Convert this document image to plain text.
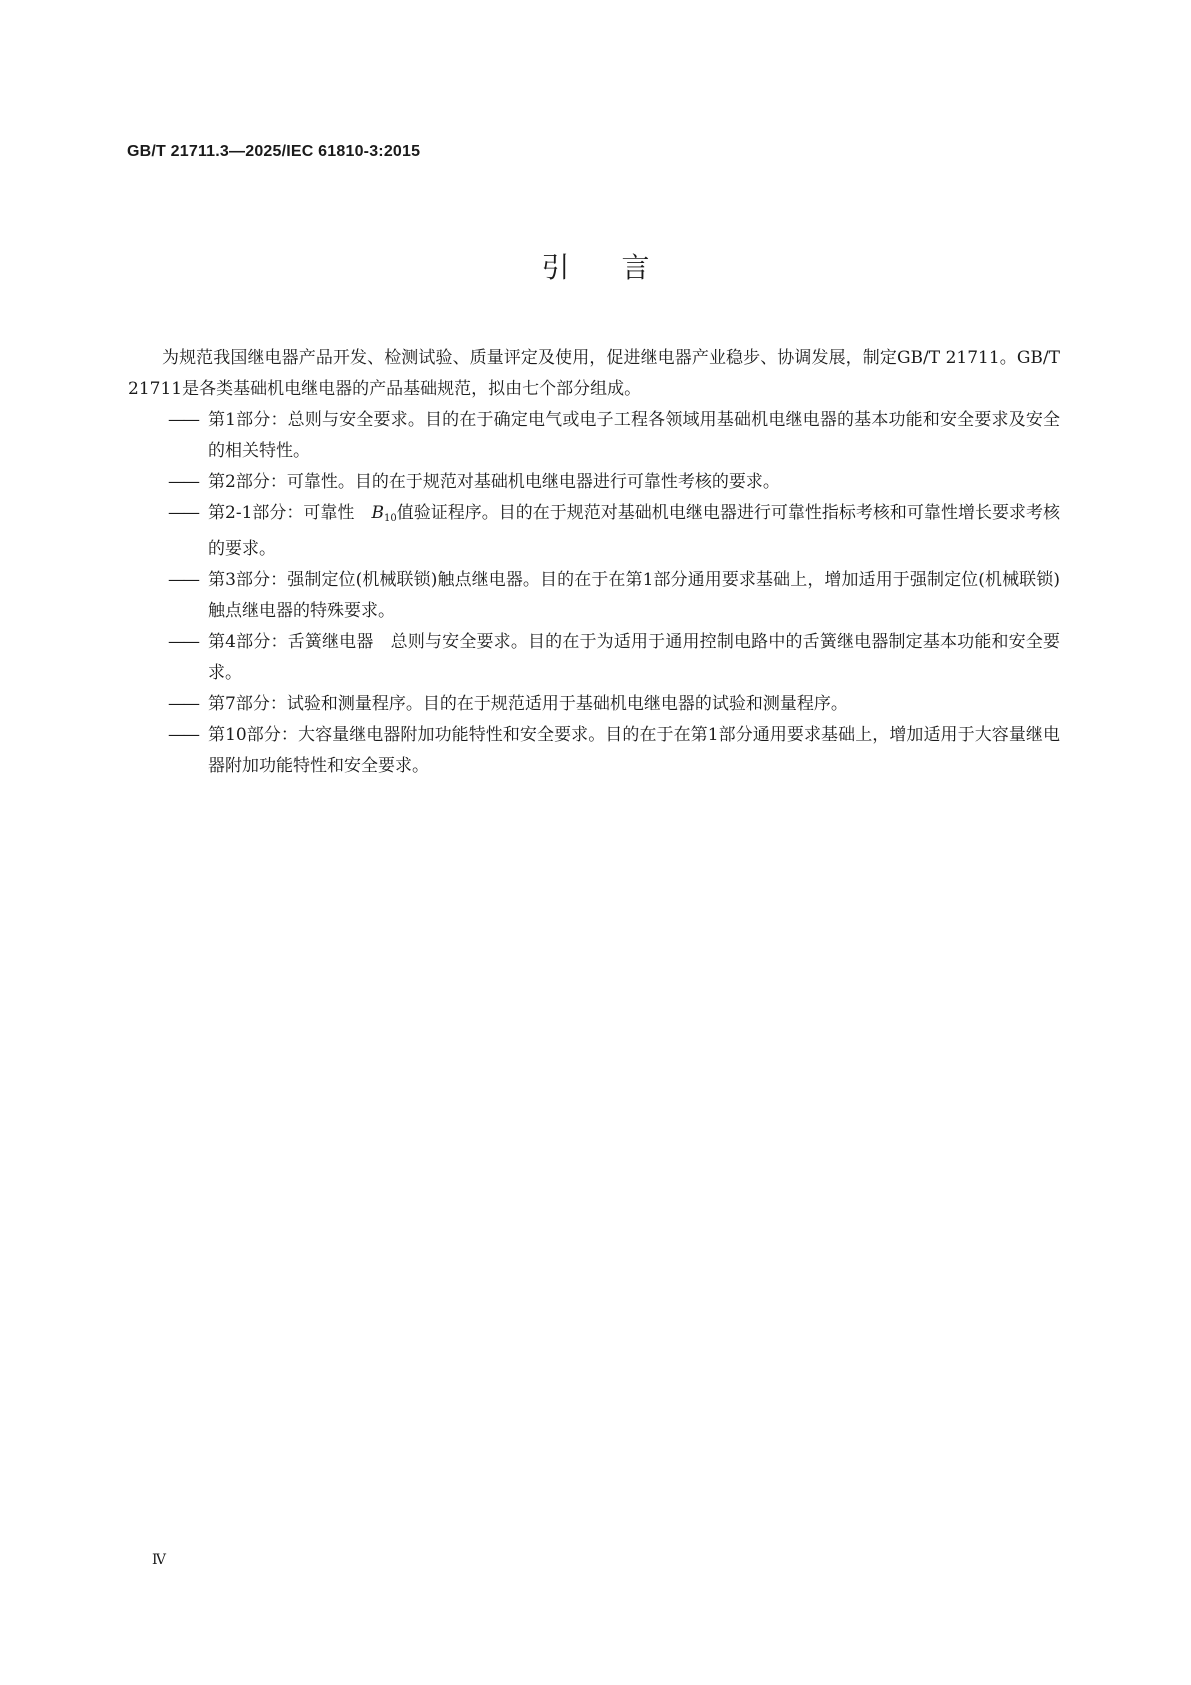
GB/T 21711.3—2025/IEC 61810-3:2015
引言

为规范我国继电器产品开发、检测试验、质量评定及使用，促进继电器产业稳步、协调发展，制定GB/T 21711。GB/T 21711是各类基础机电继电器的产品基础规范，拟由七个部分组成。

—— 第1部分：总则与安全要求。目的在于确定电气或电子工程各领域用基础机电继电器的基本功能和安全要求及安全的相关特性。
—— 第2部分：可靠性。目的在于规范对基础机电继电器进行可靠性考核的要求。
—— 第2-1部分：可靠性　$B_{10}$值验证程序。目的在于规范对基础机电继电器进行可靠性指标考核和可靠性增长要求考核的要求。
—— 第3部分：强制定位(机械联锁)触点继电器。目的在于在第1部分通用要求基础上，增加适用于强制定位(机械联锁)触点继电器的特殊要求。
—— 第4部分：舌簧继电器　总则与安全要求。目的在于为适用于通用控制电路中的舌簧继电器制定基本功能和安全要求。
—— 第7部分：试验和测量程序。目的在于规范适用于基础机电继电器的试验和测量程序。
—— 第10部分：大容量继电器附加功能特性和安全要求。目的在于在第1部分通用要求基础上，增加适用于大容量继电器附加功能特性和安全要求。
Ⅳ
